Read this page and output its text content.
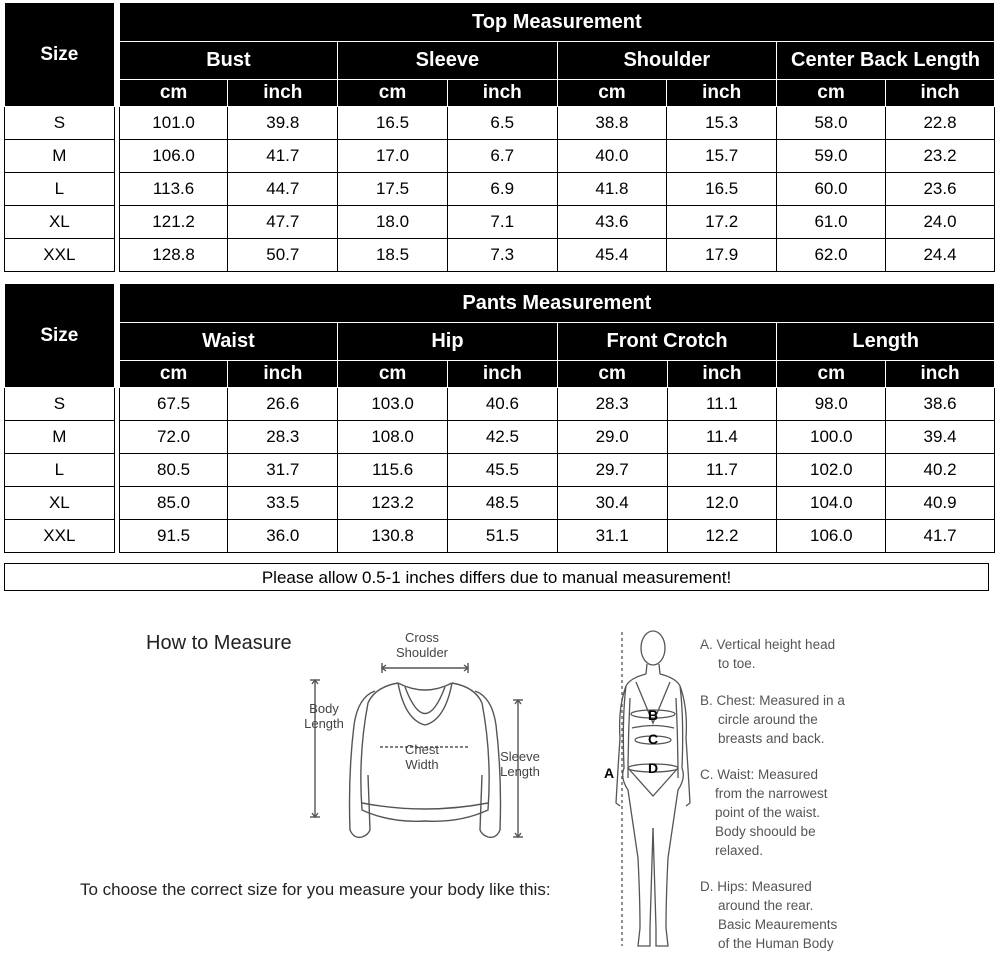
Size		Top Measurement							
		Bust		Sleeve		Shoulder		Center Back Length	
		cm	inch	cm	inch	cm	inch	cm	inch
S		101.0	39.8	16.5	6.5	38.8	15.3	58.0	22.8
M		106.0	41.7	17.0	6.7	40.0	15.7	59.0	23.2
L		113.6	44.7	17.5	6.9	41.8	16.5	60.0	23.6
XL		121.2	47.7	18.0	7.1	43.6	17.2	61.0	24.0
XXL		128.8	50.7	18.5	7.3	45.4	17.9	62.0	24.4
Size		Pants Measurement							
		Waist		Hip		Front Crotch		Length	
		cm	inch	cm	inch	cm	inch	cm	inch
S		67.5	26.6	103.0	40.6	28.3	11.1	98.0	38.6
M		72.0	28.3	108.0	42.5	29.0	11.4	100.0	39.4
L		80.5	31.7	115.6	45.5	29.7	11.7	102.0	40.2
XL		85.0	33.5	123.2	48.5	30.4	12.0	104.0	40.9
XXL		91.5	36.0	130.8	51.5	31.1	12.2	106.0	41.7
Please allow 0.5-1 inches differs due to manual measurement!
How to Measure	Cross
Shoulder
Body
Length
Chest
Width
Sleeve
Length
To choose the correct size for you measure your body like this:
A
B
C
D
A. Vertical height head
to toe.
B. Chest: Measured in a
circle around the
breasts and back.
C. Waist: Measured
from the narrowest
point of the waist.
Body shoould be
relaxed.
D. Hips: Measured
around the rear.
Basic Meaurements
of the Human Body
